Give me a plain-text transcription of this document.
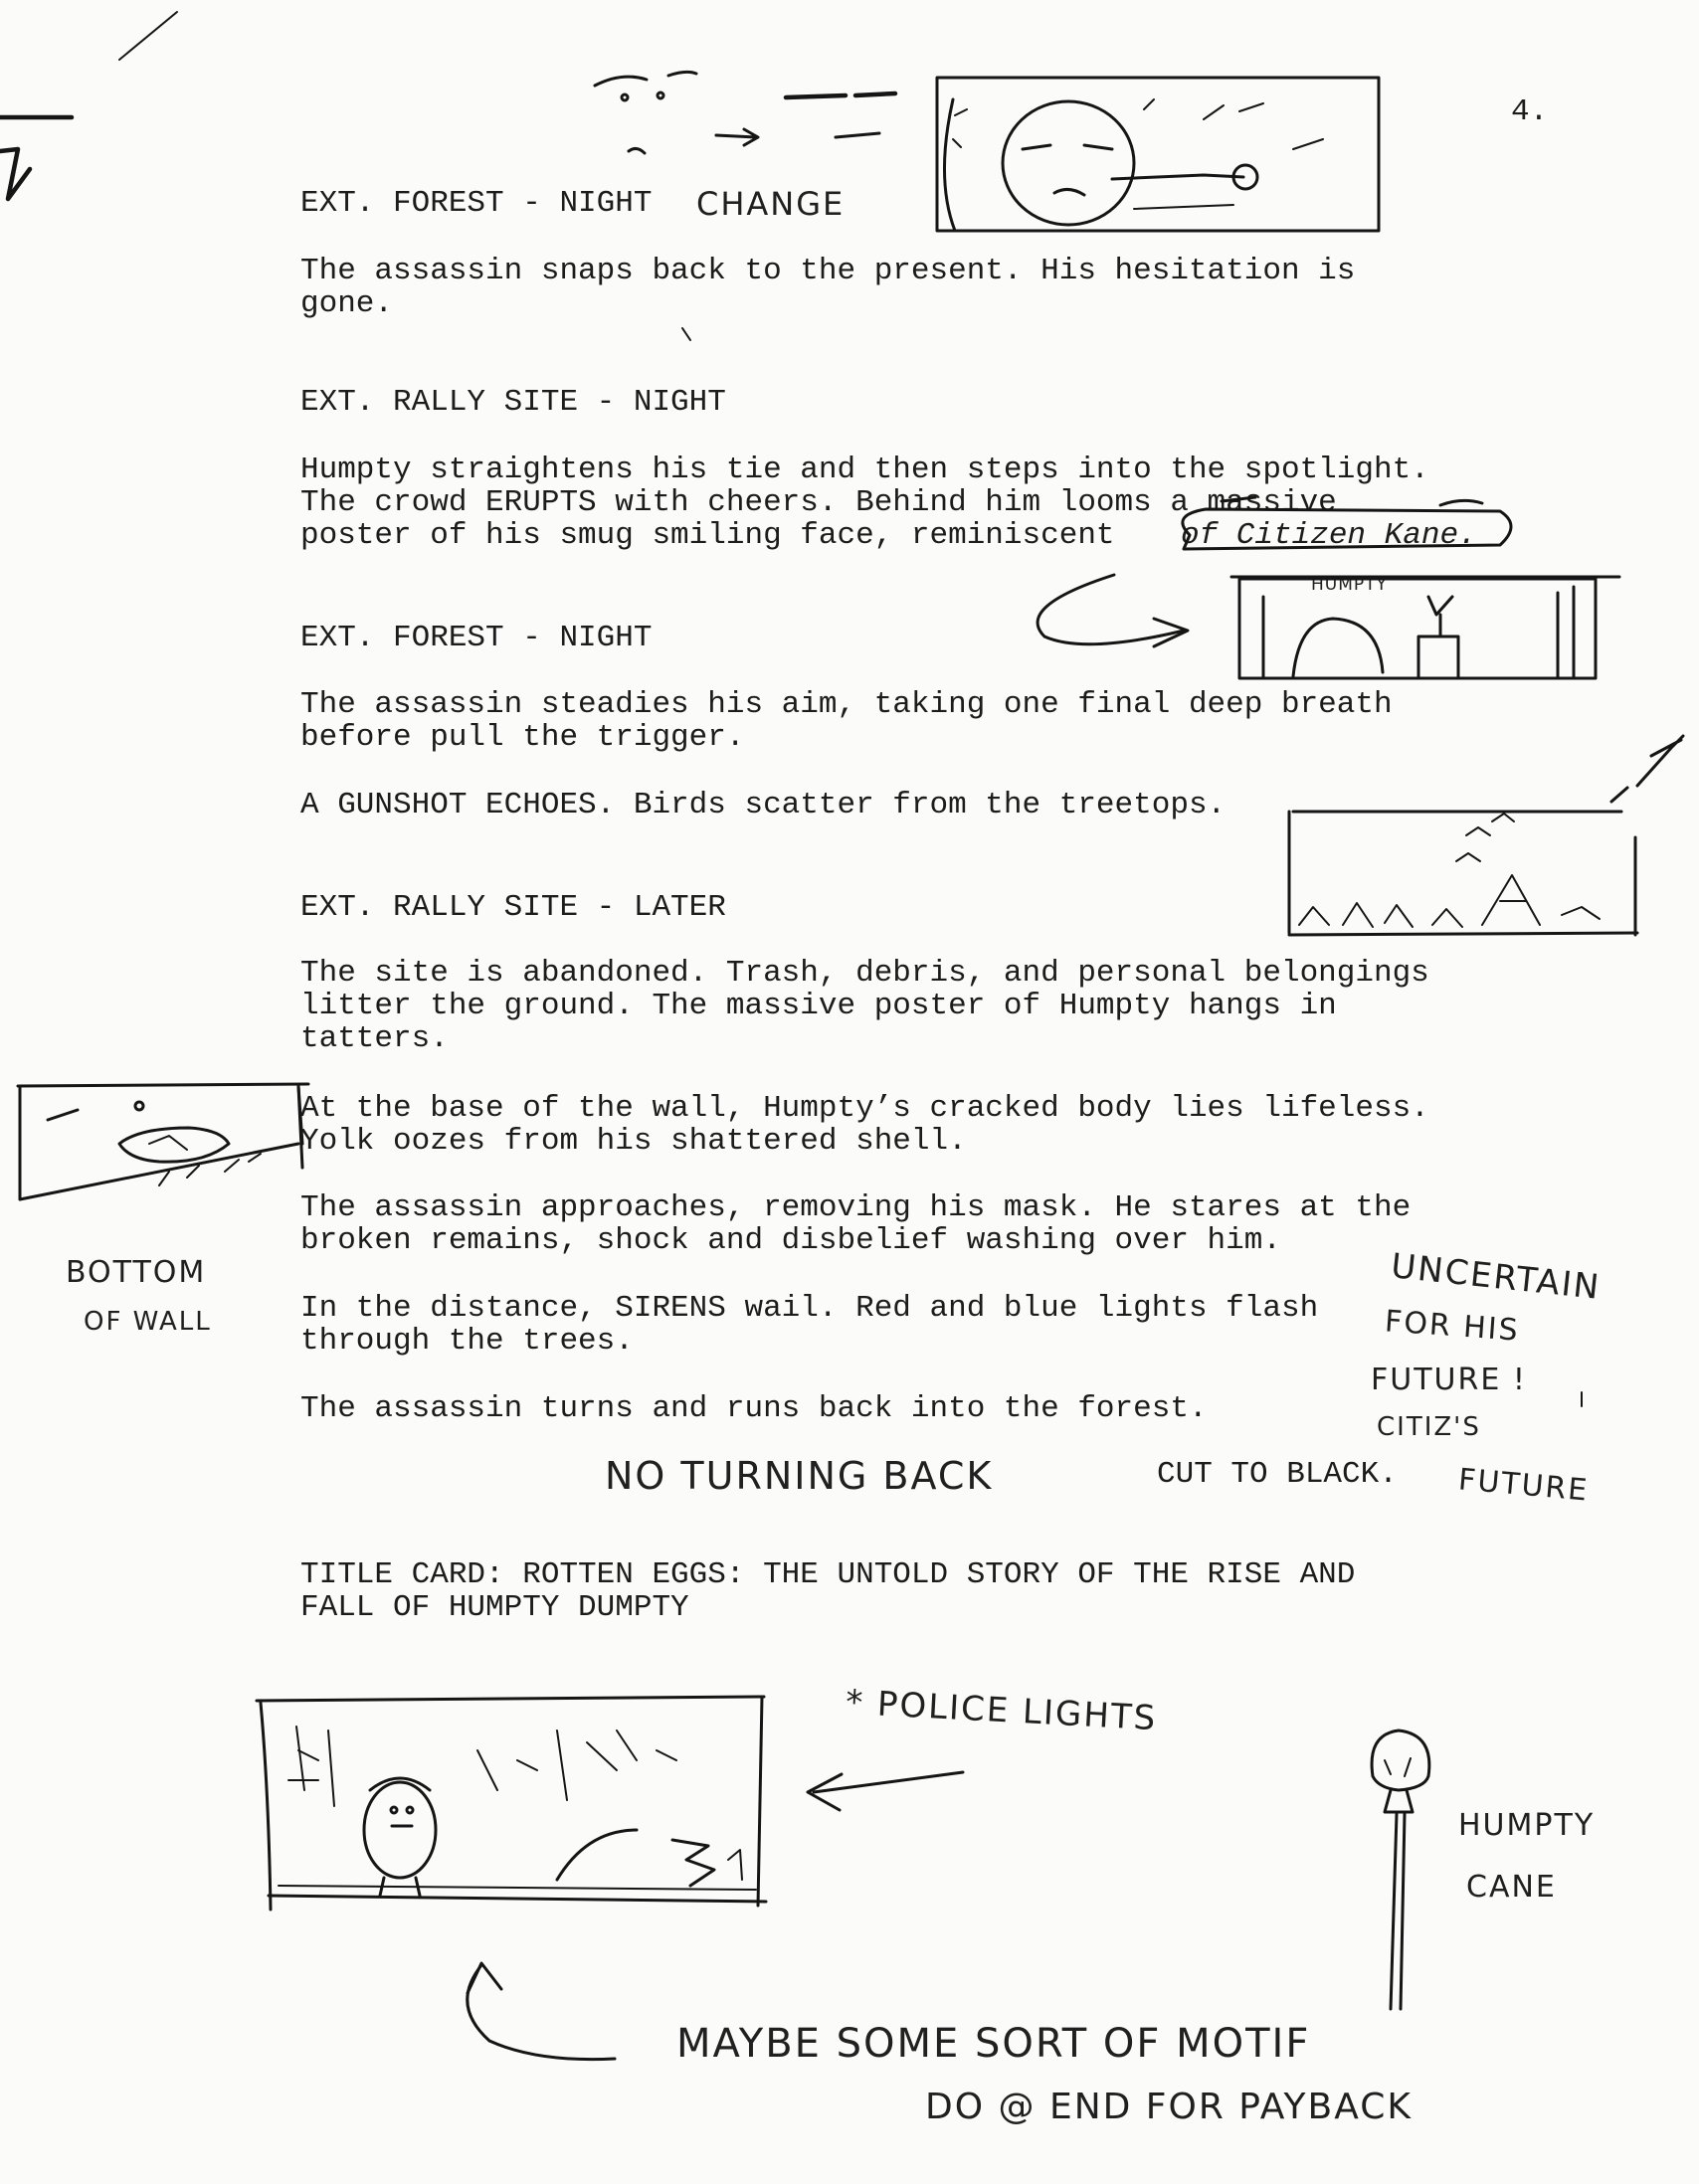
4.
EXT. FOREST - NIGHT
The assassin snaps back to the present. His hesitation is
gone.
EXT. RALLY SITE - NIGHT
Humpty straightens his tie and then steps into the spotlight.
The crowd ERUPTS with cheers. Behind him looms a massive
poster of his smug smiling face, reminiscent	of Citizen Kane.
EXT. FOREST - NIGHT
The assassin steadies his aim, taking one final deep breath
before pull the trigger.
A GUNSHOT ECHOES. Birds scatter from the treetops.
EXT. RALLY SITE - LATER
The site is abandoned. Trash, debris, and personal belongings
litter the ground. The massive poster of Humpty hangs in
tatters.
At the base of the wall, Humpty’s cracked body lies lifeless.
Yolk oozes from his shattered shell.
The assassin approaches, removing his mask. He stares at the
broken remains, shock and disbelief washing over him.
In the distance, SIRENS wail. Red and blue lights flash
through the trees.
The assassin turns and runs back into the forest.
CUT TO BLACK.
TITLE CARD: ROTTEN EGGS: THE UNTOLD STORY OF THE RISE AND
FALL OF HUMPTY DUMPTY
CHANGE
HUMPTY
BOTTOM
OF WALL
UNCERTAIN
FOR HIS
FUTURE !
CITIZ'S
FUTURE
NO TURNING BACK
* POLICE LIGHTS
HUMPTY
CANE
MAYBE SOME SORT OF MOTIF
DO @ END FOR PAYBACK
